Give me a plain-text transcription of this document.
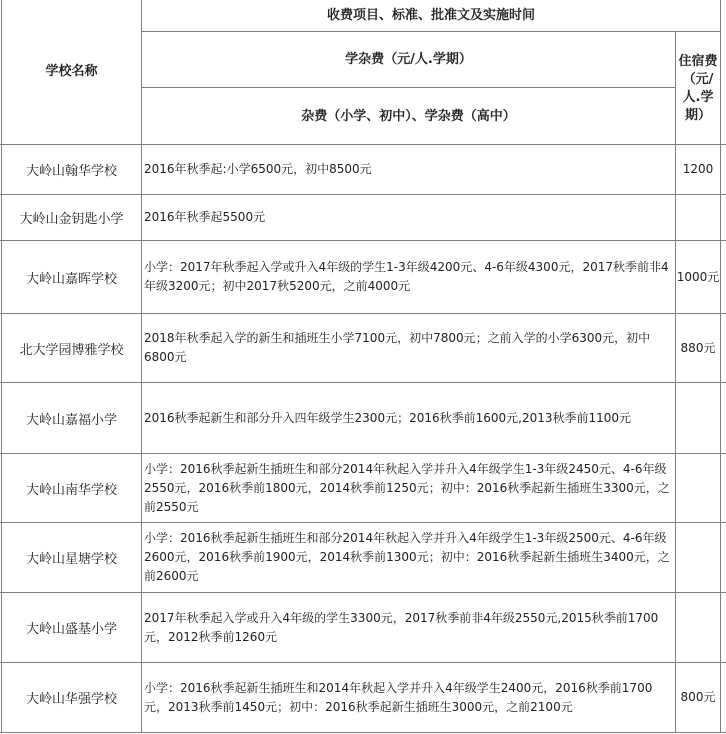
	学校名称	收费项目、标准、批准文及实施时间		
		学杂费（元/人.学期）	住宿费（元/人.学期）	
		杂费（小学、初中）、学杂费（高中）		
	大岭山翰华学校	2016年秋季起:小学6500元，初中8500元	1200	
	大岭山金钥匙小学	2016年秋季起5500元		
	大岭山嘉晖学校	小学：2017年秋季起入学或升入4年级的学生1-3年级4200元、4-6年级4300元，2017秋季前非4年级3200元；初中2017秋5200元，之前4000元	1000元	
	北大学园博雅学校	2018年秋季起入学的新生和插班生小学7100元，初中7800元；之前入学的小学6300元，初中6800元	880元	
	大岭山嘉福小学	2016秋季起新生和部分升入四年级学生2300元；2016秋季前1600元,2013秋季前1100元		
	大岭山南华学校	小学：2016秋季起新生插班生和部分2014年秋起入学并升入4年级学生1-3年级2450元、4-6年级2550元，2016秋季前1800元，2014秋季前1250元；初中：2016秋季起新生插班生3300元，之前2550元		
	大岭山星塘学校	小学：2016秋季起新生插班生和部分2014年秋起入学并升入4年级学生1-3年级2500元、4-6年级2600元，2016秋季前1900元，2014秋季前1300元；初中：2016秋季起新生插班生3400元，之前2600元		
	大岭山盛基小学	2017年秋季起入学或升入4年级的学生3300元，2017秋季前非4年级2550元,2015秋季前1700元，2012秋季前1260元		
	大岭山华强学校	小学：2016秋季起新生插班生和2014年秋起入学并升入4年级学生2400元，2016秋季前1700元，2013秋季前1450元；初中：2016秋季起新生插班生3000元，之前2100元	800元	
